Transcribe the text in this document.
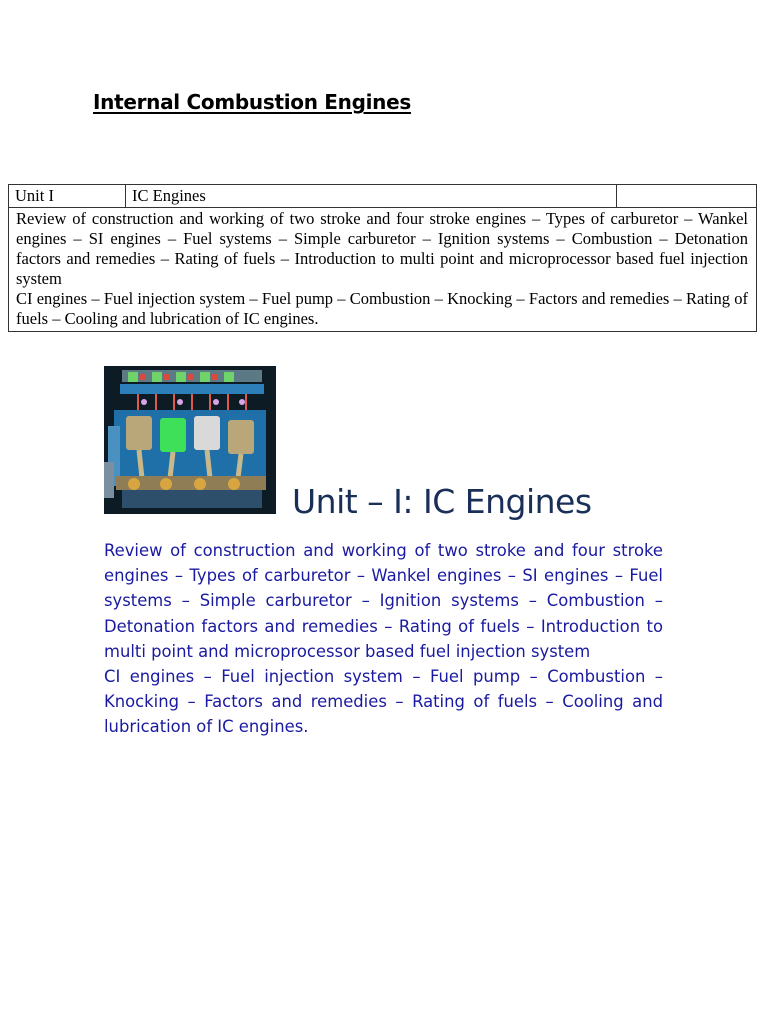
Internal Combustion Engines
Unit I	IC Engines	

Review of construction and working of two stroke and four stroke engines – Types of carburetor – Wankel engines – SI engines – Fuel systems – Simple carburetor – Ignition systems – Combustion – Detonation factors and remedies – Rating of fuels – Introduction to multi point and microprocessor based fuel injection system
CI engines – Fuel injection system – Fuel pump – Combustion – Knocking – Factors and remedies – Rating of fuels – Cooling and lubrication of IC engines.
Unit – I: IC Engines

Review of construction and working of two stroke and four stroke engines – Types of carburetor – Wankel engines – SI engines – Fuel systems – Simple carburetor – Ignition systems – Combustion – Detonation factors and remedies – Rating of fuels – Introduction to multi point and microprocessor based fuel injection system

CI engines – Fuel injection system – Fuel pump – Combustion – Knocking – Factors and remedies – Rating of fuels – Cooling and lubrication of IC engines.
